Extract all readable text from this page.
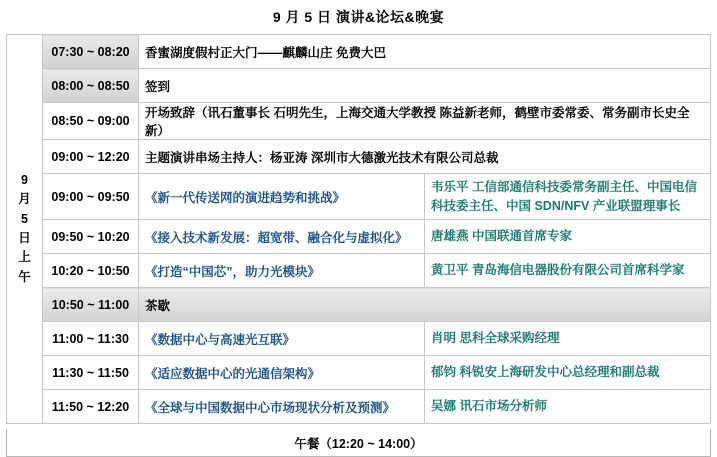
9 月 5 日 演讲&论坛&晚宴
9
月
5
日
上
午	07:30 ~ 08:20	香蜜湖度假村正大门——麒麟山庄 免费大巴
	08:00 ~ 08:50	签到	
	08:50 ~ 09:00	开场致辞（讯石董事长 石明先生，上海交通大学教授 陈益新老师，鹤壁市委常委、常务副市长史全新）	
	09:00 ~ 12:20	主题演讲串场主持人：杨亚涛 深圳市大德激光技术有限公司总裁	
	09:00 ~ 09:50	《新一代传送网的演进趋势和挑战》	韦乐平 工信部通信科技委常务副主任、中国电信科技委主任、中国 SDN/NFV 产业联盟理事长
	09:50 ~ 10:20	《接入技术新发展：超宽带、融合化与虚拟化》	唐雄燕 中国联通首席专家
	10:20 ~ 10:50	《打造“中国芯”，助力光模块》	黄卫平 青岛海信电器股份有限公司首席科学家
	10:50 ~ 11:00	茶歇	
	11:00 ~ 11:30	《数据中心与高速光互联》	肖明 思科全球采购经理
	11:30 ~ 11:50	《适应数据中心的光通信架构》	郁钧 科锐安上海研发中心总经理和副总裁
	11:50 ~ 12:20	《全球与中国数据中心市场现状分析及预测》	吴娜 讯石市场分析师
午餐（12:20 ~ 14:00）
